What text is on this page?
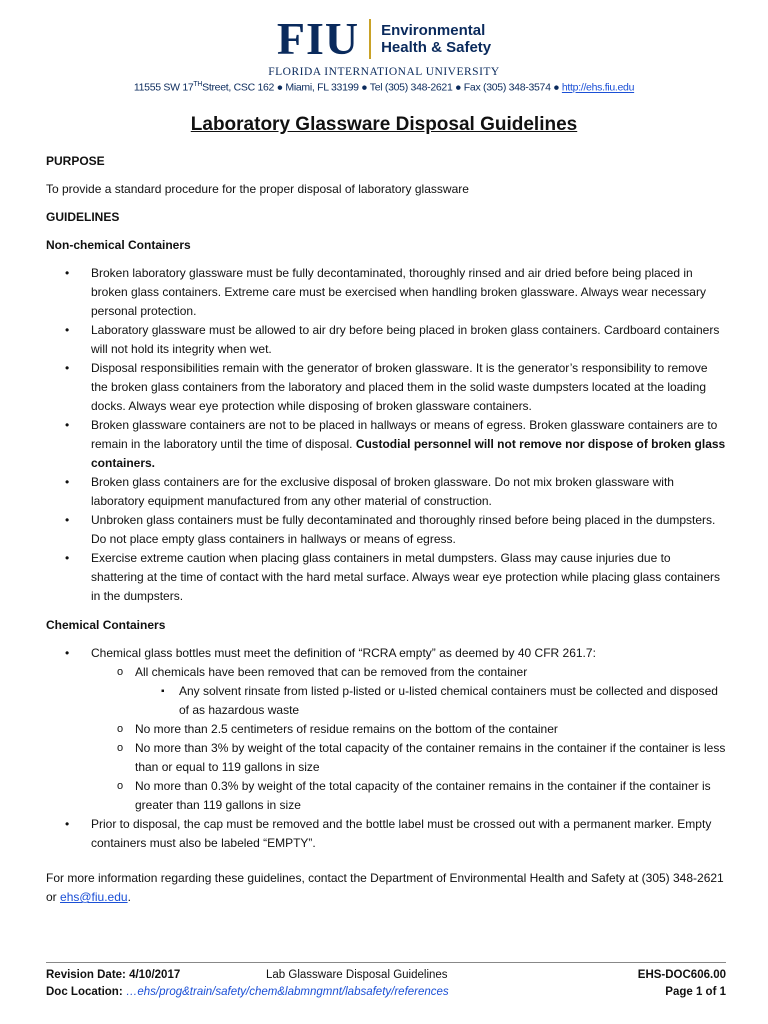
FIU Environmental
Health & Safety
FLORIDA INTERNATIONAL UNIVERSITY
11555 SW 17THStreet, CSC 162 ● Miami, FL 33199 ● Tel (305) 348-2621 ● Fax (305) 348-3574 ● http://ehs.fiu.edu
Laboratory Glassware Disposal Guidelines
PURPOSE

To provide a standard procedure for the proper disposal of laboratory glassware

GUIDELINES
Non-chemical Containers
• Broken laboratory glassware must be fully decontaminated, thoroughly rinsed and air dried before being placed in broken glass containers. Extreme care must be exercised when handling broken glassware. Always wear necessary personal protection.
• Laboratory glassware must be allowed to air dry before being placed in broken glass containers. Cardboard containers will not hold its integrity when wet.
• Disposal responsibilities remain with the generator of broken glassware. It is the generator’s responsibility to remove the broken glass containers from the laboratory and placed them in the solid waste dumpsters located at the loading docks. Always wear eye protection while disposing of broken glassware containers.
• Broken glassware containers are not to be placed in hallways or means of egress. Broken glassware containers are to remain in the laboratory until the time of disposal. Custodial personnel will not remove nor dispose of broken glass containers.
• Broken glass containers are for the exclusive disposal of broken glassware. Do not mix broken glassware with laboratory equipment manufactured from any other material of construction.
• Unbroken glass containers must be fully decontaminated and thoroughly rinsed before being placed in the dumpsters. Do not place empty glass containers in hallways or means of egress.
• Exercise extreme caution when placing glass containers in metal dumpsters. Glass may cause injuries due to shattering at the time of contact with the hard metal surface. Always wear eye protection while placing glass containers in the dumpsters.
Chemical Containers
• Chemical glass bottles must meet the definition of “RCRA empty” as deemed by 40 CFR 261.7:
o All chemicals have been removed that can be removed from the container
▪ Any solvent rinsate from listed p-listed or u-listed chemical containers must be collected and disposed of as hazardous waste
o No more than 2.5 centimeters of residue remains on the bottom of the container
o No more than 3% by weight of the total capacity of the container remains in the container if the container is less than or equal to 119 gallons in size
o No more than 0.3% by weight of the total capacity of the container remains in the container if the container is greater than 119 gallons in size
• Prior to disposal, the cap must be removed and the bottle label must be crossed out with a permanent marker. Empty containers must also be labeled “EMPTY”.

For more information regarding these guidelines, contact the Department of Environmental Health and Safety at (305) 348-2621 or ehs@fiu.edu.

Revision Date: 4/10/2017	Lab Glassware Disposal Guidelines	EHS-DOC606.00
Doc Location: …ehs/prog&train/safety/chem&labmngmnt/labsafety/references	Page 1 of 1
